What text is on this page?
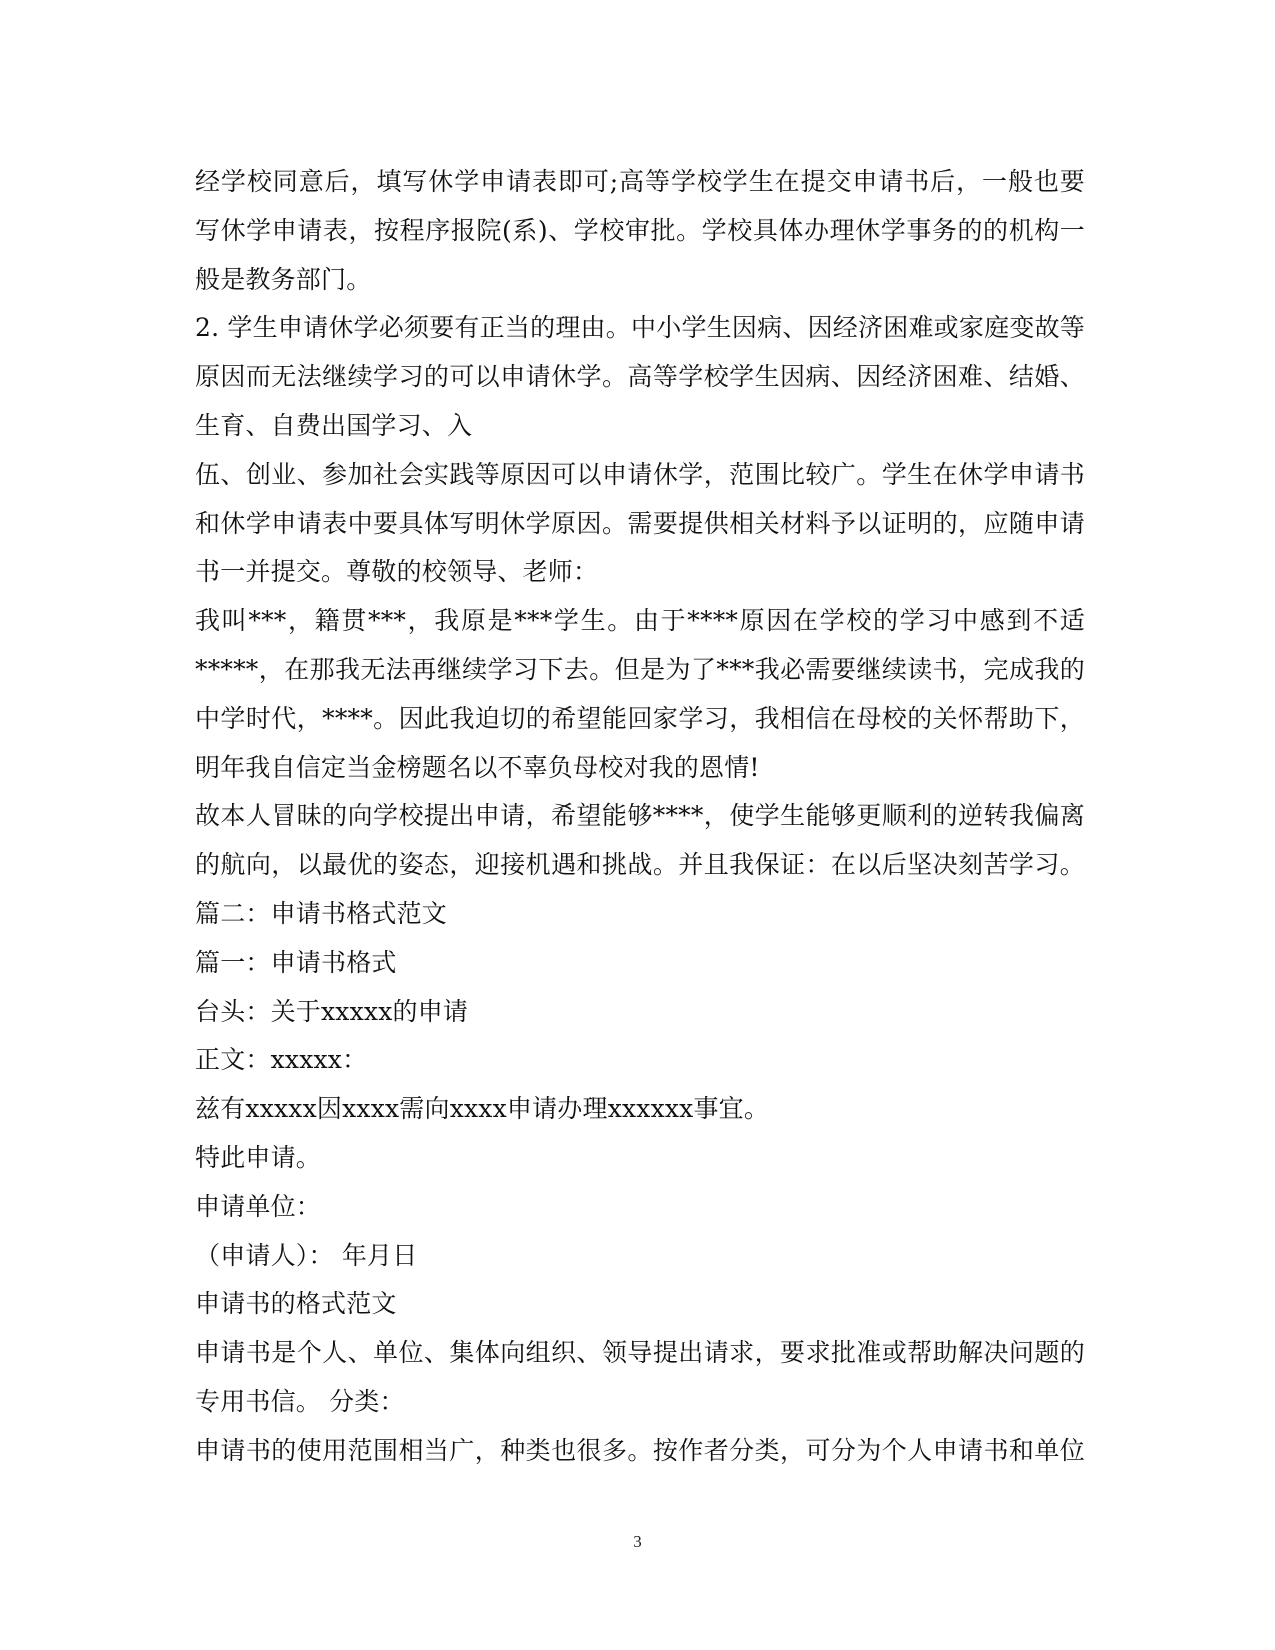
经学校同意后，填写休学申请表即可;高等学校学生在提交申请书后，一般也要
写休学申请表，按程序报院(系)、学校审批。学校具体办理休学事务的的机构一
般是教务部门。
2. 学生申请休学必须要有正当的理由。中小学生因病、因经济困难或家庭变故等
原因而无法继续学习的可以申请休学。高等学校学生因病、因经济困难、结婚、
生育、自费出国学习、入
伍、创业、参加社会实践等原因可以申请休学，范围比较广。学生在休学申请书
和休学申请表中要具体写明休学原因。需要提供相关材料予以证明的，应随申请
书一并提交。尊敬的校领导、老师：
我叫***，籍贯***，我原是***学生。由于****原因在学校的学习中感到不适
*****，在那我无法再继续学习下去。但是为了***我必需要继续读书，完成我的
中学时代，****。因此我迫切的希望能回家学习，我相信在母校的关怀帮助下，
明年我自信定当金榜题名以不辜负母校对我的恩情!
故本人冒昧的向学校提出申请，希望能够****，使学生能够更顺利的逆转我偏离
的航向，以最优的姿态，迎接机遇和挑战。并且我保证：在以后坚决刻苦学习。
篇二：申请书格式范文
篇一：申请书格式
台头：关于xxxxx的申请
正文：xxxxx：
兹有xxxxx因xxxx需向xxxx申请办理xxxxxx事宜。
特此申请。
申请单位：
（申请人）： 年月日
申请书的格式范文
申请书是个人、单位、集体向组织、领导提出请求，要求批准或帮助解决问题的
专用书信。 分类：
申请书的使用范围相当广，种类也很多。按作者分类，可分为个人申请书和单位
3
